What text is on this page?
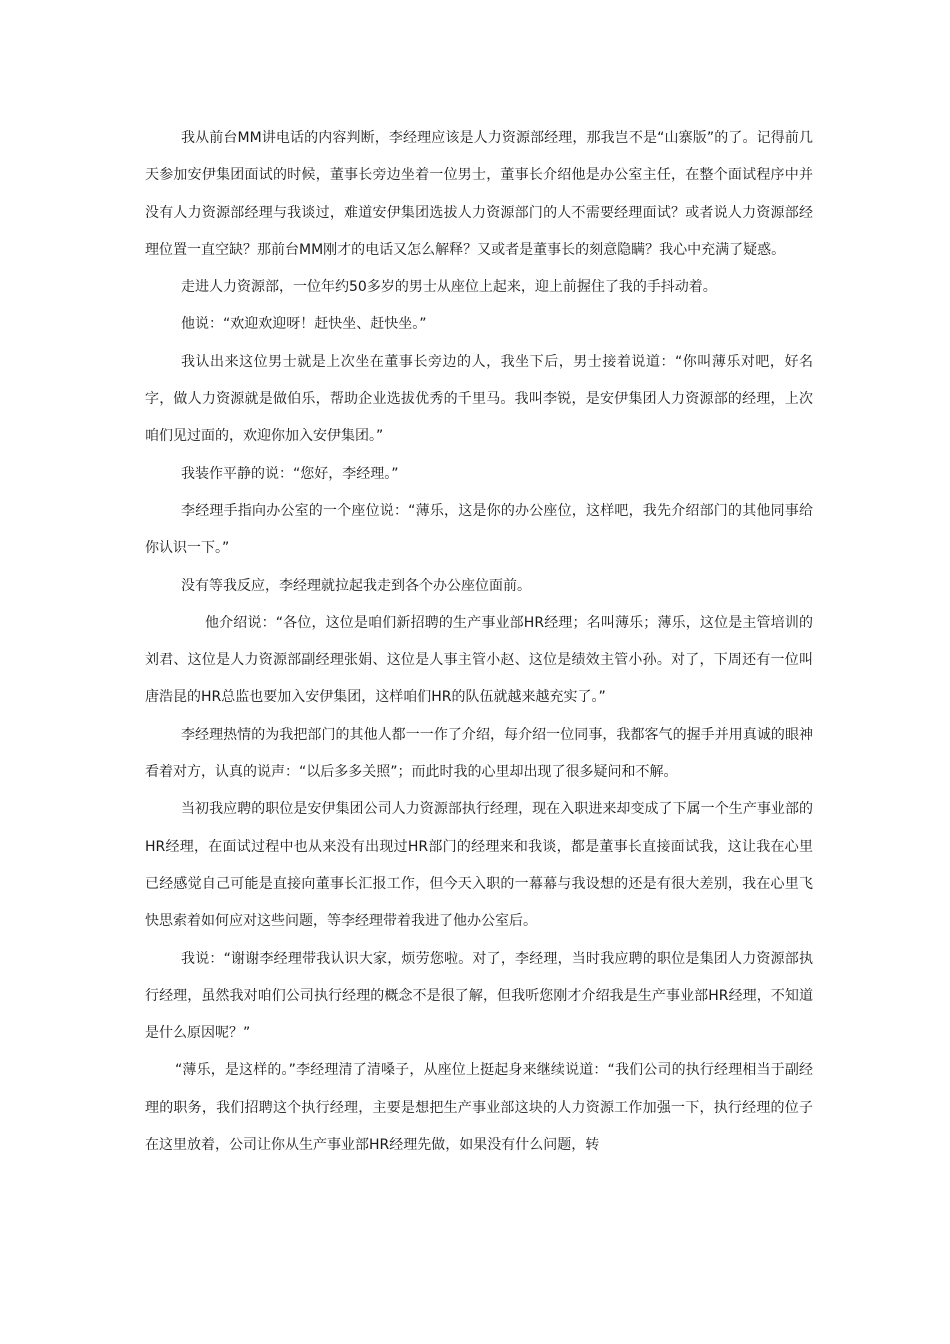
我从前台MM讲电话的内容判断，李经理应该是人力资源部经理，那我岂不是“山寨版”的了。记得前几天参加安伊集团面试的时候，董事长旁边坐着一位男士，董事长介绍他是办公室主任，在整个面试程序中并没有人力资源部经理与我谈过，难道安伊集团选拔人力资源部门的人不需要经理面试？或者说人力资源部经理位置一直空缺？那前台MM刚才的电话又怎么解释？又或者是董事长的刻意隐瞒？我心中充满了疑惑。

走进人力资源部，一位年约50多岁的男士从座位上起来，迎上前握住了我的手抖动着。

他说：“欢迎欢迎呀！赶快坐、赶快坐。”

我认出来这位男士就是上次坐在董事长旁边的人，我坐下后，男士接着说道：“你叫薄乐对吧，好名字，做人力资源就是做伯乐，帮助企业选拔优秀的千里马。我叫李锐，是安伊集团人力资源部的经理，上次咱们见过面的，欢迎你加入安伊集团。”

我装作平静的说：“您好，李经理。”

李经理手指向办公室的一个座位说：“薄乐，这是你的办公座位，这样吧，我先介绍部门的其他同事给你认识一下。”

没有等我反应，李经理就拉起我走到各个办公座位面前。

他介绍说：“各位，这位是咱们新招聘的生产事业部HR经理；名叫薄乐；薄乐，这位是主管培训的刘君、这位是人力资源部副经理张娟、这位是人事主管小赵、这位是绩效主管小孙。对了，下周还有一位叫唐浩昆的HR总监也要加入安伊集团，这样咱们HR的队伍就越来越充实了。”

李经理热情的为我把部门的其他人都一一作了介绍，每介绍一位同事，我都客气的握手并用真诚的眼神看着对方，认真的说声：“以后多多关照”；而此时我的心里却出现了很多疑问和不解。

当初我应聘的职位是安伊集团公司人力资源部执行经理，现在入职进来却变成了下属一个生产事业部的HR经理，在面试过程中也从来没有出现过HR部门的经理来和我谈，都是董事长直接面试我，这让我在心里已经感觉自己可能是直接向董事长汇报工作，但今天入职的一幕幕与我设想的还是有很大差别，我在心里飞快思索着如何应对这些问题，等李经理带着我进了他办公室后。

我说：“谢谢李经理带我认识大家，烦劳您啦。对了，李经理，当时我应聘的职位是集团人力资源部执行经理，虽然我对咱们公司执行经理的概念不是很了解，但我听您刚才介绍我是生产事业部HR经理，不知道是什么原因呢？”

“薄乐，是这样的。”李经理清了清嗓子，从座位上挺起身来继续说道：“我们公司的执行经理相当于副经理的职务，我们招聘这个执行经理，主要是想把生产事业部这块的人力资源工作加强一下，执行经理的位子在这里放着，公司让你从生产事业部HR经理先做，如果没有什么问题，转
